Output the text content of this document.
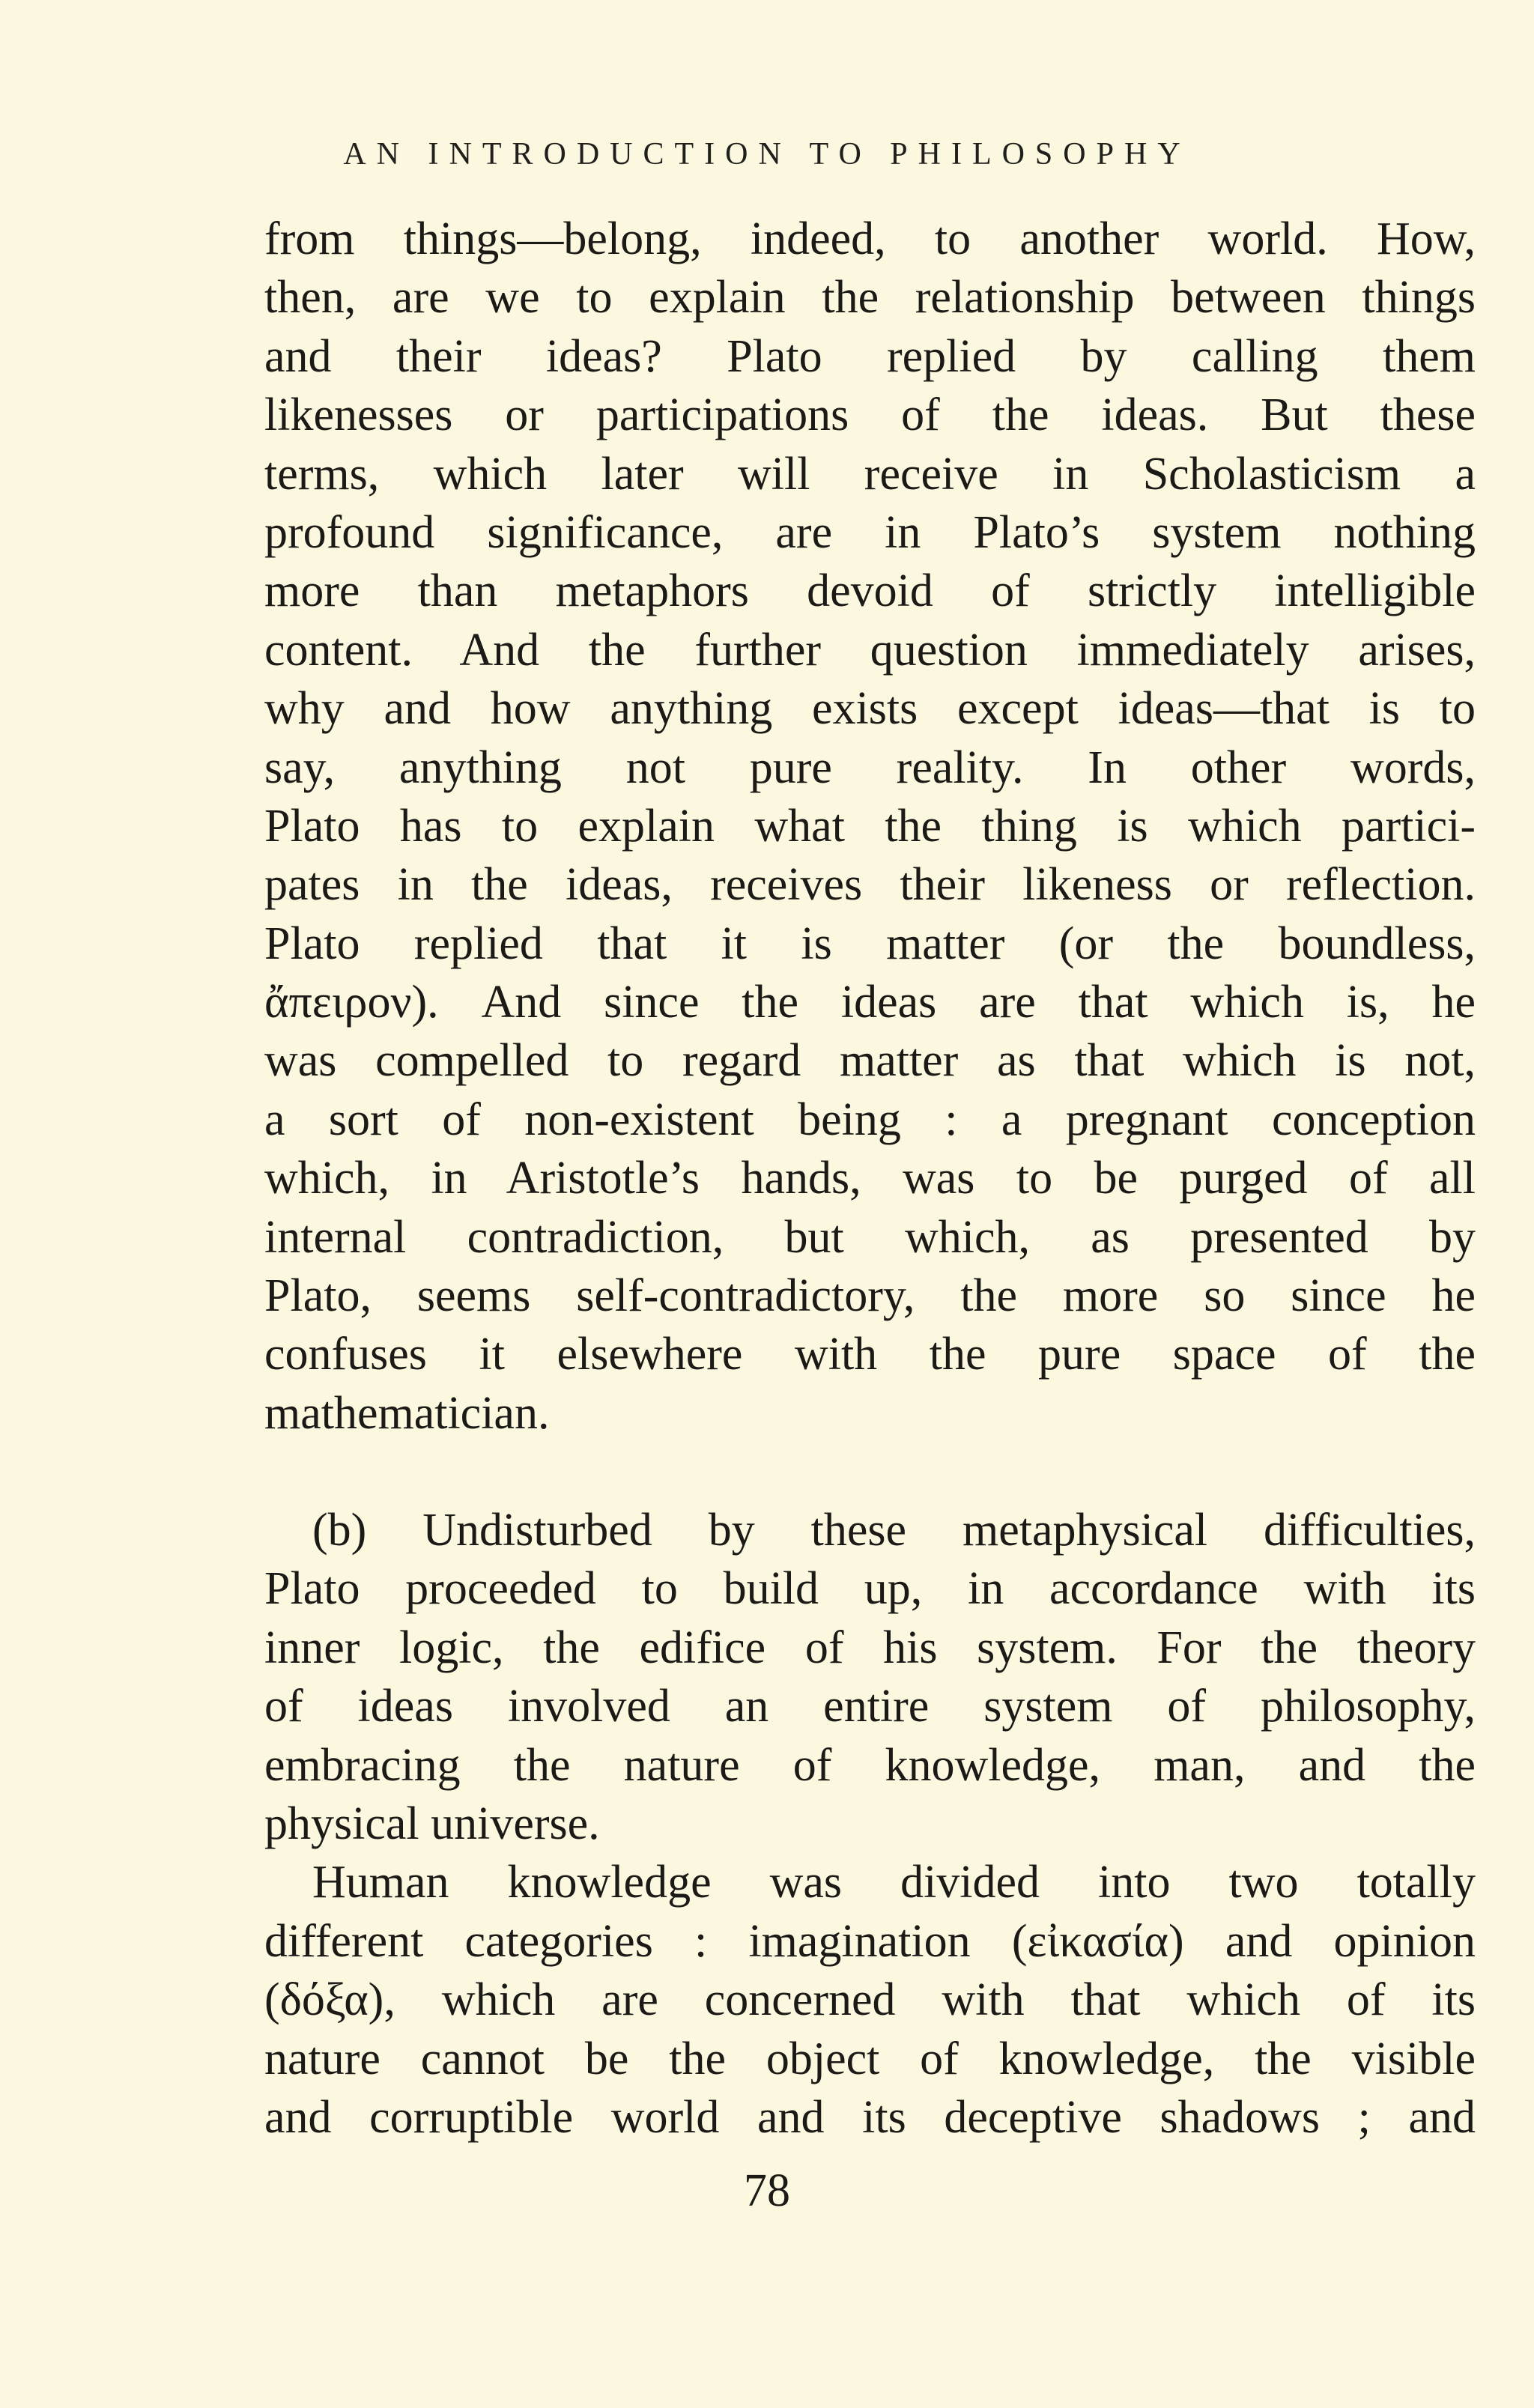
AN INTRODUCTION TO PHILOSOPHY
from things—belong, indeed, to another world. How,
then, are we to explain the relationship between things
and their ideas? Plato replied by calling them
likenesses or participations of the ideas. But these
terms, which later will receive in Scholasticism a
profound significance, are in Plato’s system nothing
more than metaphors devoid of strictly intelligible
content. And the further question immediately arises,
why and how anything exists except ideas—that is to
say, anything not pure reality. In other words,
Plato has to explain what the thing is which partici-
pates in the ideas, receives their likeness or reflection.
Plato replied that it is matter (or the boundless,
ἄπειρον). And since the ideas are that which is, he
was compelled to regard matter as that which is not,
a sort of non-existent being : a pregnant conception
which, in Aristotle’s hands, was to be purged of all
internal contradiction, but which, as presented by
Plato, seems self-contradictory, the more so since he
confuses it elsewhere with the pure space of the
mathematician.
(b) Undisturbed by these metaphysical difficulties,
Plato proceeded to build up, in accordance with its
inner logic, the edifice of his system. For the theory
of ideas involved an entire system of philosophy,
embracing the nature of knowledge, man, and the
physical universe.
Human knowledge was divided into two totally
different categories : imagination (εἰκασία) and opinion
(δόξα), which are concerned with that which of its
nature cannot be the object of knowledge, the visible
and corruptible world and its deceptive shadows ; and
78
